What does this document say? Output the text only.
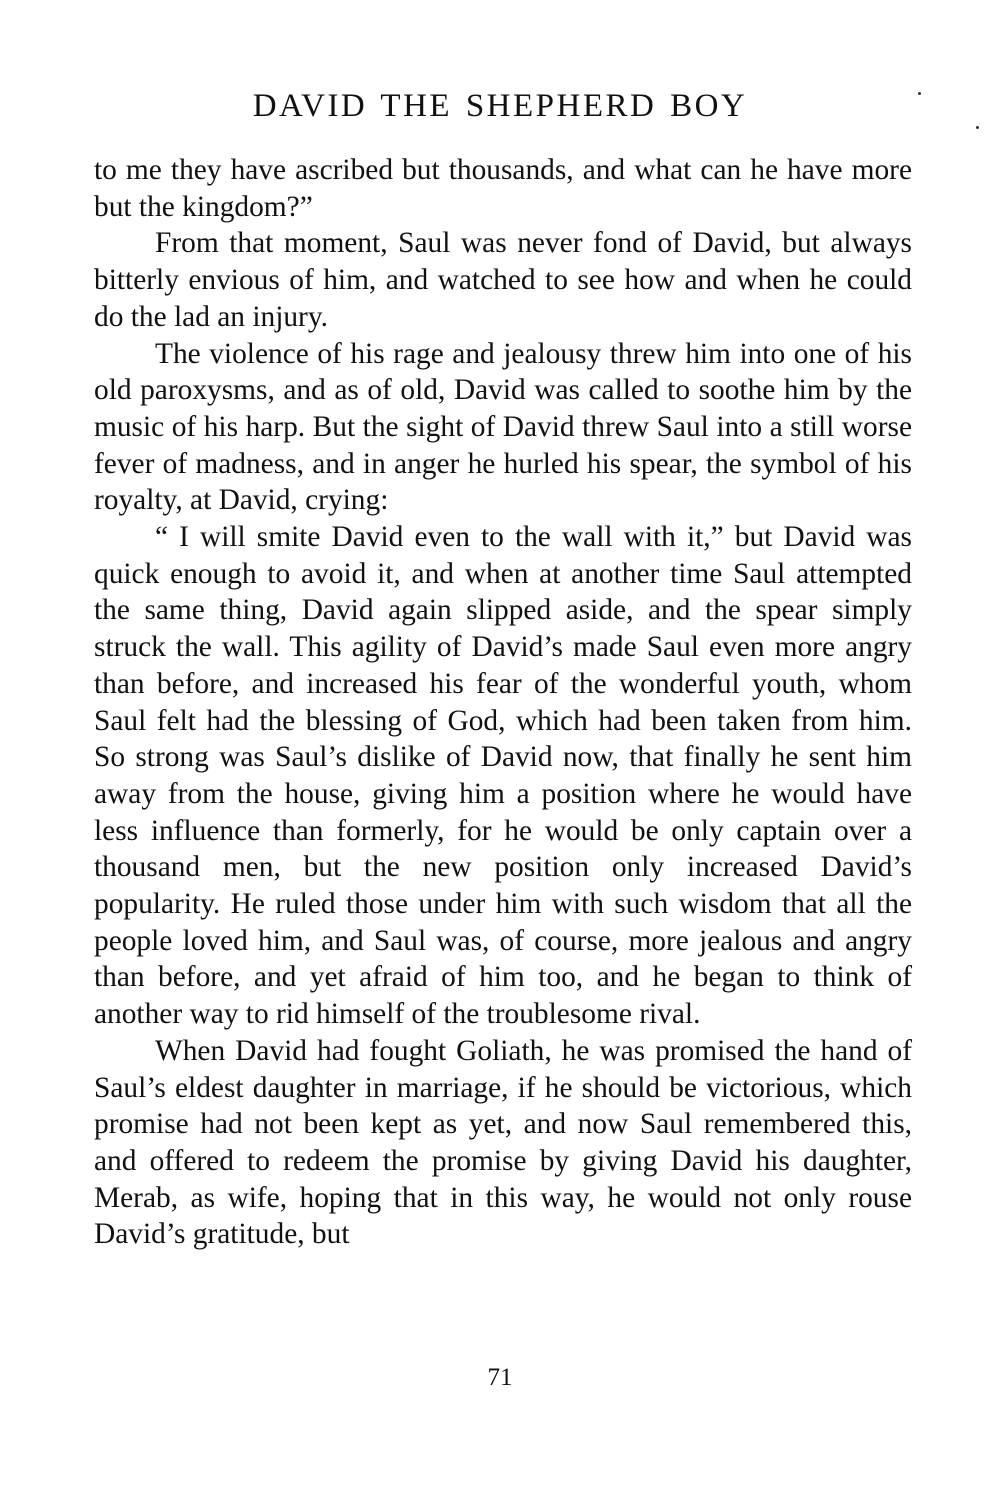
DAVID THE SHEPHERD BOY

to me they have ascribed but thousands, and what can he have more but the kingdom?”

From that moment, Saul was never fond of David, but always bitterly envious of him, and watched to see how and when he could do the lad an injury.

The violence of his rage and jealousy threw him into one of his old paroxysms, and as of old, David was called to soothe him by the music of his harp. But the sight of David threw Saul into a still worse fever of madness, and in anger he hurled his spear, the symbol of his royalty, at David, crying:

“ I will smite David even to the wall with it,” but David was quick enough to avoid it, and when at another time Saul attempted the same thing, David again slipped aside, and the spear simply struck the wall. This agility of David’s made Saul even more angry than before, and increased his fear of the wonderful youth, whom Saul felt had the blessing of God, which had been taken from him. So strong was Saul’s dislike of David now, that finally he sent him away from the house, giving him a position where he would have less influence than formerly, for he would be only captain over a thousand men, but the new position only increased David’s popularity. He ruled those under him with such wisdom that all the people loved him, and Saul was, of course, more jealous and angry than before, and yet afraid of him too, and he began to think of another way to rid himself of the troublesome rival.

When David had fought Goliath, he was promised the hand of Saul’s eldest daughter in marriage, if he should be victorious, which promise had not been kept as yet, and now Saul remembered this, and offered to redeem the promise by giving David his daughter, Merab, as wife, hoping that in this way, he would not only rouse David’s gratitude, but

71
